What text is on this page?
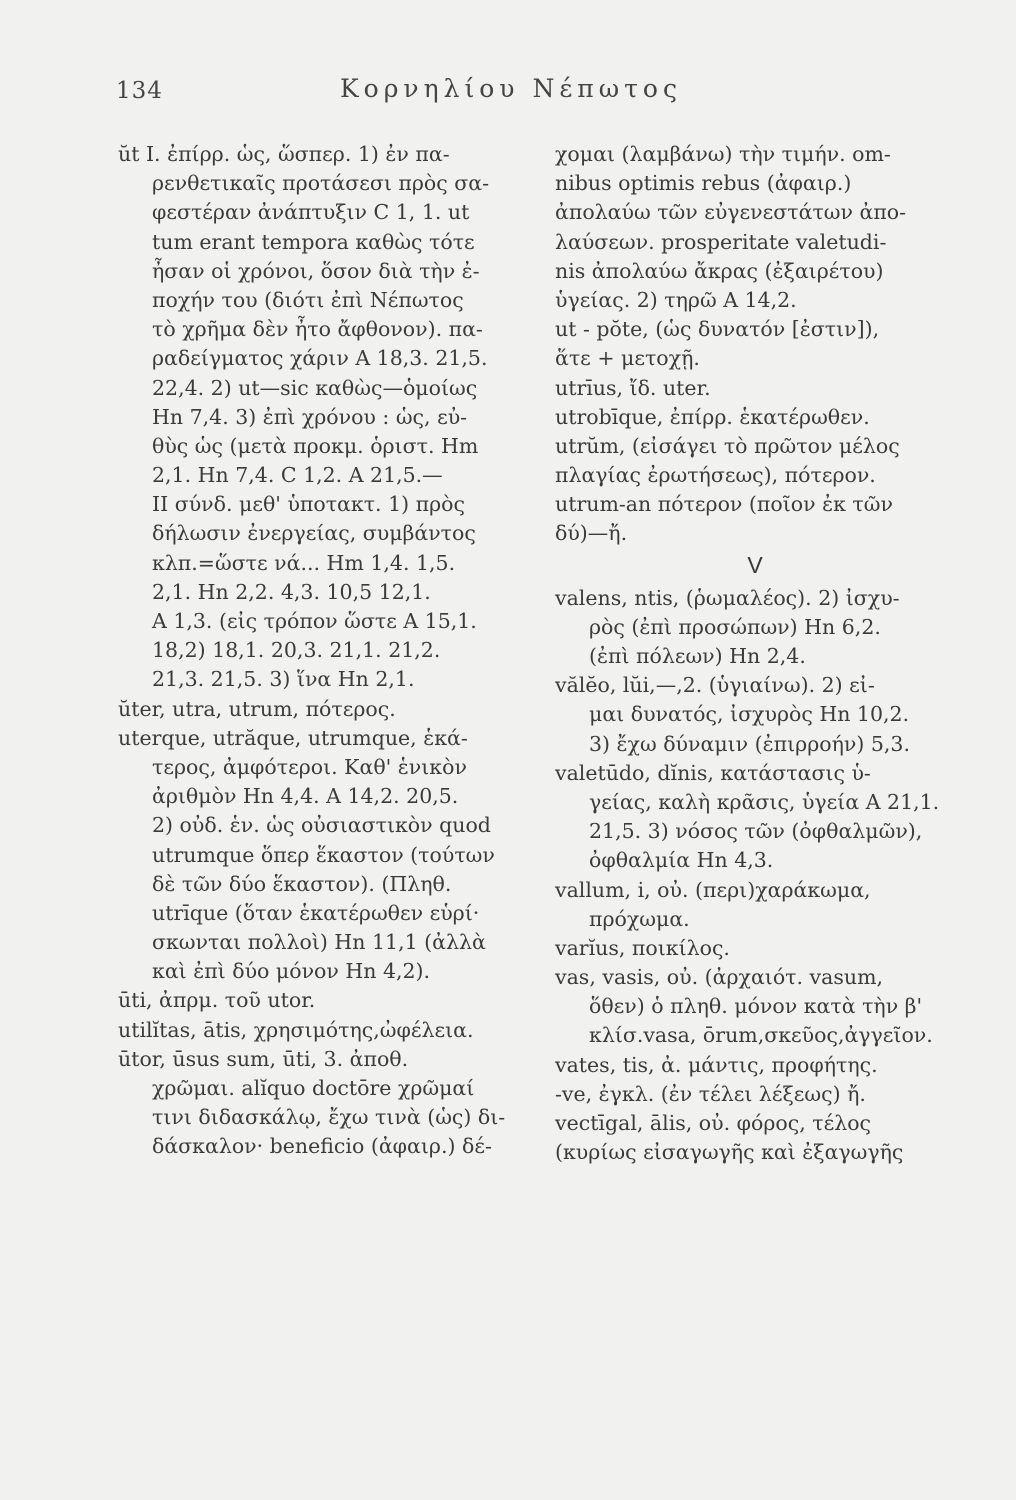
134	Κορνηλίου Νέπωτος
ŭt I. ἐπίρρ. ὡς, ὥσπερ. 1) ἐν πα-
ρενθετικαῖς προτάσεσι πρὸς σα-
φεστέραν ἀνάπτυξιν C 1, 1. ut
tum erant tempora καθὼς τότε
ἦσαν οἱ χρόνοι, ὅσον διὰ τὴν ἐ-
ποχήν του (διότι ἐπὶ Νέπωτος
τὸ χρῆμα δὲν ἦτο ἄφθονον). πα-
ραδείγματος χάριν A 18,3. 21,5.
22,4. 2) ut—sic καθὼς—ὁμοίως
Hn 7,4. 3) ἐπὶ χρόνου : ὡς, εὐ-
θὺς ὡς (μετὰ προκμ. ὁριστ. Hm
2,1. Hn 7,4. C 1,2. A 21,5.—
II σύνδ. μεθ' ὑποτακτ. 1) πρὸς
δήλωσιν ἐνεργείας, συμβάντος
κλπ.=ὥστε νά... Hm 1,4. 1,5.
2,1. Hn 2,2. 4,3. 10,5 12,1.
A 1,3. (εἰς τρόπον ὥστε A 15,1.
18,2) 18,1. 20,3. 21,1. 21,2.
21,3. 21,5. 3) ἵνα Hn 2,1.
ŭter, utra, utrum, πότερος.
uterque, utrăque, utrumque, ἑκά-
τερος, ἀμφότεροι. Καθ' ἑνικὸν
ἀριθμὸν Hn 4,4. A 14,2. 20,5.
2) οὐδ. ἑν. ὡς οὐσιαστικὸν quod
utrumque ὅπερ ἕκαστον (τούτων
δὲ τῶν δύο ἕκαστον). (Πληθ.
utrīque (ὅταν ἑκατέρωθεν εὑρί·
σκωνται πολλοὶ) Hn 11,1 (ἀλλὰ
καὶ ἐπὶ δύο μόνον Hn 4,2).
ūti, ἀπρμ. τοῦ utor.
utilĭtas, ātis, χρησιμότης,ὠφέλεια.
ūtor, ūsus sum, ūti, 3. ἀποθ.
χρῶμαι. alĭquo doctōre χρῶμαί
τινι διδασκάλῳ, ἔχω τινὰ (ὡς) δι-
δάσκαλον· beneficio (ἀφαιρ.) δέ-
χομαι (λαμβάνω) τὴν τιμήν. om-
nibus optimis rebus (ἀφαιρ.)
ἀπολαύω τῶν εὐγενεστάτων ἀπο-
λαύσεων. prosperitate valetudi-
nis ἀπολαύω ἄκρας (ἐξαιρέτου)
ὑγείας. 2) τηρῶ A 14,2.
ut - pŏte, (ὡς δυνατόν [ἐστιν]),
ἅτε + μετοχῇ.
utrīus, ἴδ. uter.
utrobīque, ἐπίρρ. ἑκατέρωθεν.
utrŭm, (εἰσάγει τὸ πρῶτον μέλος
πλαγίας ἐρωτήσεως), πότερον.
utrum-an πότερον (ποῖον ἐκ τῶν
δύ)—ἤ.
V
valens, ntis, (ῥωμαλέος). 2) ἰσχυ-
ρὸς (ἐπὶ προσώπων) Hn 6,2.
(ἐπὶ πόλεων) Hn 2,4.
vălĕo, lŭi,—,2. (ὑγιαίνω). 2) εἰ-
μαι δυνατός, ἰσχυρὸς Hn 10,2.
3) ἔχω δύναμιν (ἐπιρροήν) 5,3.
valetūdo, dĭnis, κατάστασις ὑ-
γείας, καλὴ κρᾶσις, ὑγεία A 21,1.
21,5. 3) νόσος τῶν (ὀφθαλμῶν),
ὀφθαλμία Hn 4,3.
vallum, i, οὐ. (περι)χαράκωμα,
πρόχωμα.
varĭus, ποικίλος.
vas, vasis, οὐ. (ἀρχαιότ. vasum,
ὅθεν) ὁ πληθ. μόνον κατὰ τὴν β'
κλίσ.vasa, ōrum,σκεῦος,ἀγγεῖον.
vates, tis, ἀ. μάντις, προφήτης.
-ve, ἐγκλ. (ἐν τέλει λέξεως) ἤ.
vectīgal, ālis, οὐ. φόρος, τέλος
(κυρίως εἰσαγωγῆς καὶ ἐξαγωγῆς
